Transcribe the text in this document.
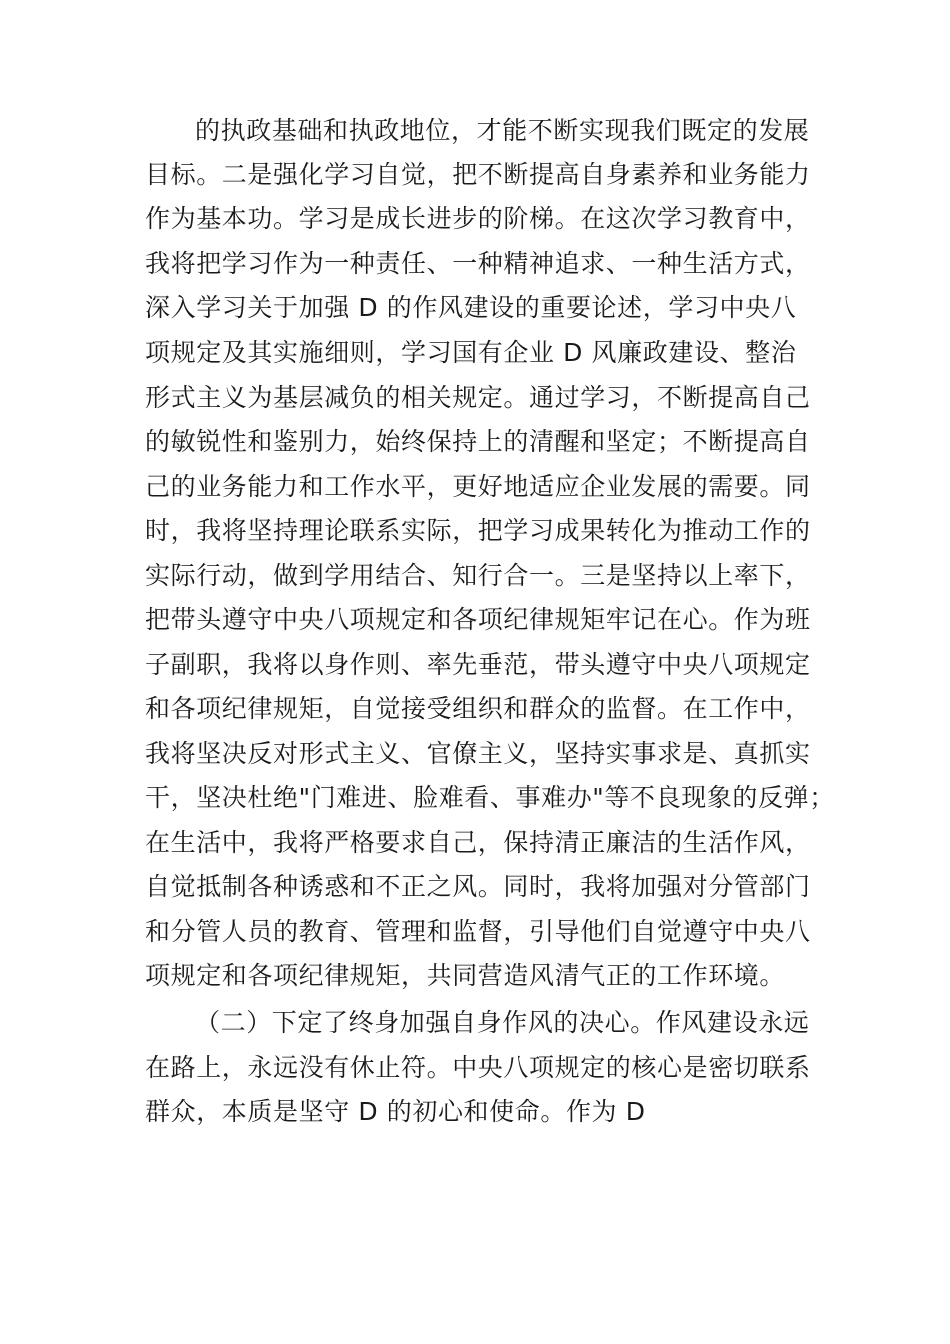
的执政基础和执政地位，才能不断实现我们既定的发展
目标。二是强化学习自觉，把不断提高自身素养和业务能力
作为基本功。学习是成长进步的阶梯。在这次学习教育中，
我将把学习作为一种责任、一种精神追求、一种生活方式，
深入学习关于加强 D 的作风建设的重要论述，学习中央八
项规定及其实施细则，学习国有企业 D 风廉政建设、整治
形式主义为基层减负的相关规定。通过学习，不断提高自己
的敏锐性和鉴别力，始终保持上的清醒和坚定；不断提高自
己的业务能力和工作水平，更好地适应企业发展的需要。同
时，我将坚持理论联系实际，把学习成果转化为推动工作的
实际行动，做到学用结合、知行合一。三是坚持以上率下，
把带头遵守中央八项规定和各项纪律规矩牢记在心。作为班
子副职，我将以身作则、率先垂范，带头遵守中央八项规定
和各项纪律规矩，自觉接受组织和群众的监督。在工作中，
我将坚决反对形式主义、官僚主义，坚持实事求是、真抓实
干，坚决杜绝"门难进、脸难看、事难办"等不良现象的反弹；
在生活中，我将严格要求自己，保持清正廉洁的生活作风，
自觉抵制各种诱惑和不正之风。同时，我将加强对分管部门
和分管人员的教育、管理和监督，引导他们自觉遵守中央八
项规定和各项纪律规矩，共同营造风清气正的工作环境。
（二）下定了终身加强自身作风的决心。作风建设永远
在路上，永远没有休止符。中央八项规定的核心是密切联系
群众，本质是坚守 D 的初心和使命。作为 D
